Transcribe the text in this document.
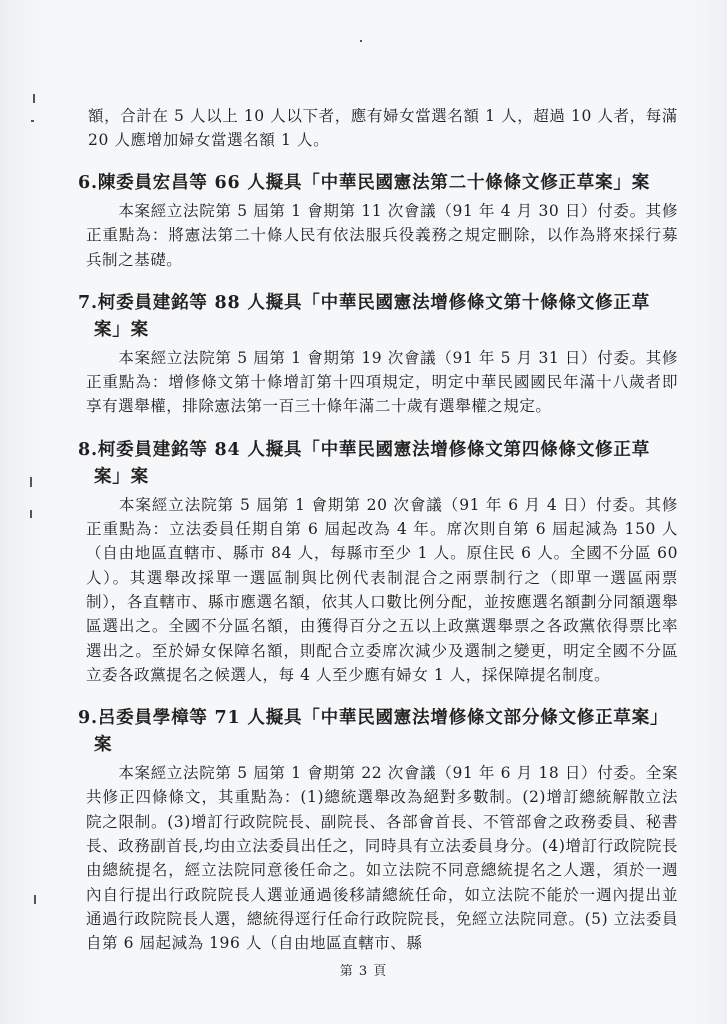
額，合計在 5 人以上 10 人以下者，應有婦女當選名額 1 人，超過 10 人者，每滿 20 人應增加婦女當選名額 1 人。

6.陳委員宏昌等 66 人擬具「中華民國憲法第二十條條文修正草案」案

　　本案經立法院第 5 屆第 1 會期第 11 次會議（91 年 4 月 30 日）付委。其修正重點為：將憲法第二十條人民有依法服兵役義務之規定刪除，以作為將來採行募兵制之基礎。

7.柯委員建銘等 88 人擬具「中華民國憲法增修條文第十條條文修正草
案」案

　　本案經立法院第 5 屆第 1 會期第 19 次會議（91 年 5 月 31 日）付委。其修正重點為：增修條文第十條增訂第十四項規定，明定中華民國國民年滿十八歲者即享有選舉權，排除憲法第一百三十條年滿二十歲有選舉權之規定。

8.柯委員建銘等 84 人擬具「中華民國憲法增修條文第四條條文修正草
案」案

　　本案經立法院第 5 屆第 1 會期第 20 次會議（91 年 6 月 4 日）付委。其修正重點為：立法委員任期自第 6 屆起改為 4 年。席次則自第 6 屆起減為 150 人（自由地區直轄市、縣市 84 人，每縣市至少 1 人。原住民 6 人。全國不分區 60 人）。其選舉改採單一選區制與比例代表制混合之兩票制行之（即單一選區兩票制），各直轄市、縣市應選名額，依其人口數比例分配，並按應選名額劃分同額選舉區選出之。全國不分區名額，由獲得百分之五以上政黨選舉票之各政黨依得票比率選出之。至於婦女保障名額，則配合立委席次減少及選制之變更，明定全國不分區立委各政黨提名之候選人，每 4 人至少應有婦女 1 人，採保障提名制度。

9.呂委員學樟等 71 人擬具「中華民國憲法增修條文部分條文修正草案」
案

　　本案經立法院第 5 屆第 1 會期第 22 次會議（91 年 6 月 18 日）付委。全案共修正四條條文，其重點為：(1)總統選舉改為絕對多數制。(2)增訂總統解散立法院之限制。(3)增訂行政院院長、副院長、各部會首長、不管部會之政務委員、秘書長、政務副首長,均由立法委員出任之，同時具有立法委員身分。(4)增訂行政院院長由總統提名，經立法院同意後任命之。如立法院不同意總統提名之人選，須於一週內自行提出行政院院長人選並通過後移請總統任命，如立法院不能於一週內提出並通過行政院院長人選，總統得逕行任命行政院院長，免經立法院同意。(5) 立法委員自第 6 屆起減為 196 人（自由地區直轄市、縣

第 3 頁
